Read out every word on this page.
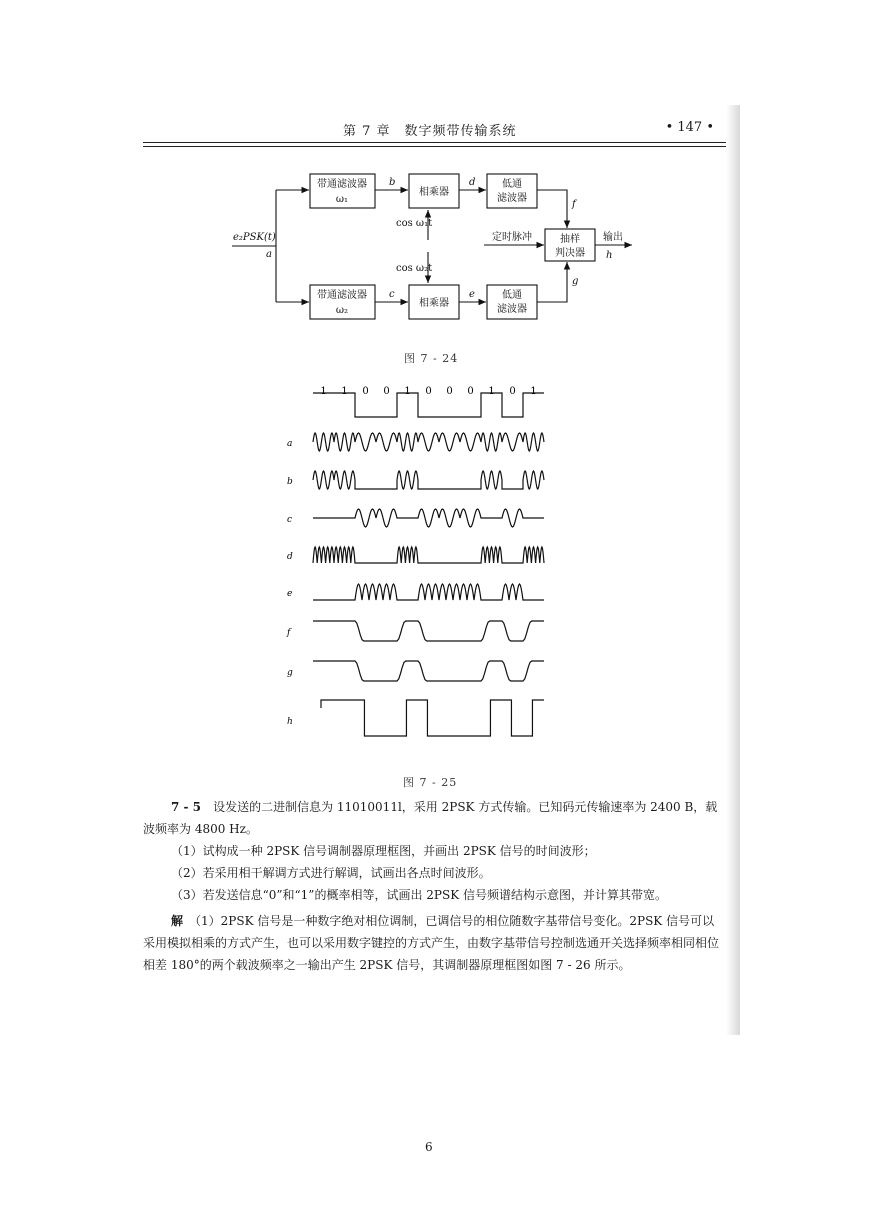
第 7 章　数字频带传输系统	• 147 •
e₂PSK(t)
a
带通滤波器
ω₁
带通滤波器
ω₂
b
c
相乘器
相乘器
cos ω₁t
cos ω₂t
d
e
低通
滤波器
低通
滤波器
f
g
抽样
判决器
定时脉冲	输出
h
图 7 - 24
1 1 0 0 1 0 0 0 1 0 1
a
b
c
d
e
f
g
h
图 7 - 25

7 - 5　 设发送的二进制信息为 11010011l，采用 2PSK 方式传输。已知码元传输速率为 2400 B，载波频率为 4800 Hz。

（1）试构成一种 2PSK 信号调制器原理框图，并画出 2PSK 信号的时间波形；

（2）若采用相干解调方式进行解调，试画出各点时间波形。

（3）若发送信息“0”和“1”的概率相等，试画出 2PSK 信号频谱结构示意图，并计算其带宽。

解　 （1）2PSK 信号是一种数字绝对相位调制，已调信号的相位随数字基带信号变化。2PSK 信号可以采用模拟相乘的方式产生，也可以采用数字键控的方式产生，由数字基带信号控制选通开关选择频率相同相位相差 180°的两个载波频率之一输出产生 2PSK 信号，其调制器原理框图如图 7 - 26 所示。

6
